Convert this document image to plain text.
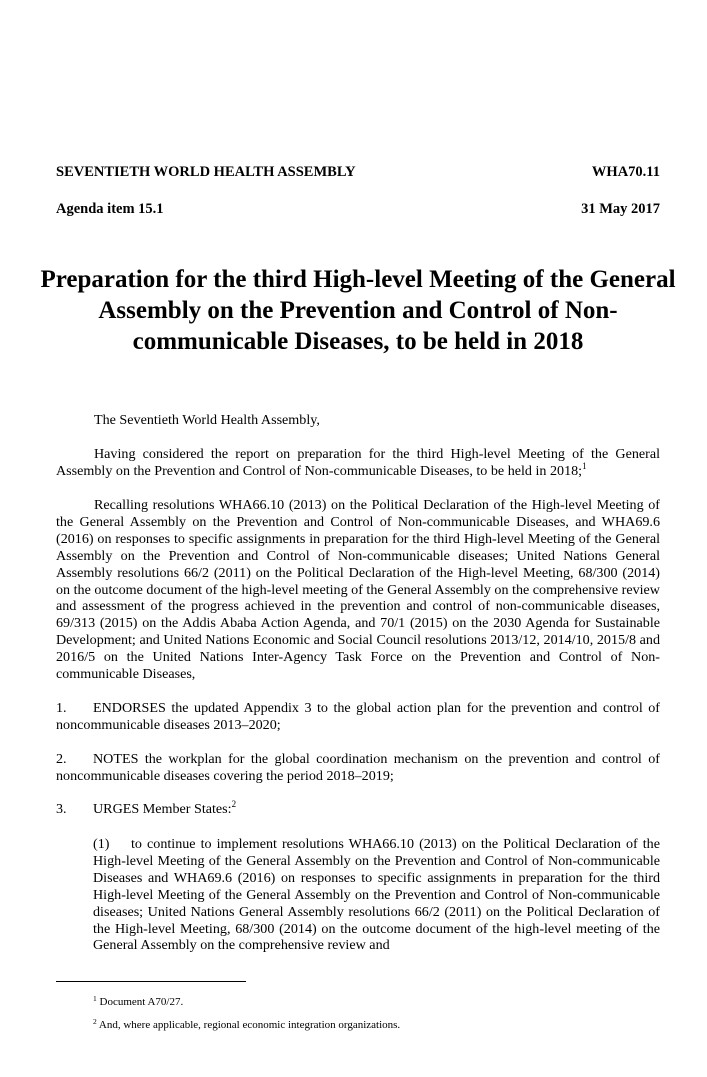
SEVENTIETH WORLD HEALTH ASSEMBLY	WHA70.11
Agenda item 15.1	31 May 2017
Preparation for the third High-level Meeting of the General Assembly on the Prevention and Control of Non-communicable Diseases, to be held in 2018
The Seventieth World Health Assembly,
Having considered the report on preparation for the third High-level Meeting of the General Assembly on the Prevention and Control of Non-communicable Diseases, to be held in 2018;$^1$
Recalling resolutions WHA66.10 (2013) on the Political Declaration of the High-level Meeting of the General Assembly on the Prevention and Control of Non-communicable Diseases, and WHA69.6 (2016) on responses to specific assignments in preparation for the third High-level Meeting of the General Assembly on the Prevention and Control of Non-communicable diseases; United Nations General Assembly resolutions 66/2 (2011) on the Political Declaration of the High-level Meeting, 68/300 (2014) on the outcome document of the high-level meeting of the General Assembly on the comprehensive review and assessment of the progress achieved in the prevention and control of non-communicable diseases, 69/313 (2015) on the Addis Ababa Action Agenda, and 70/1 (2015) on the 2030 Agenda for Sustainable Development; and United Nations Economic and Social Council resolutions 2013/12, 2014/10, 2015/8 and 2016/5 on the United Nations Inter-Agency Task Force on the Prevention and Control of Non-communicable Diseases,
1. ENDORSES the updated Appendix 3 to the global action plan for the prevention and control of noncommunicable diseases 2013–2020;
2. NOTES the workplan for the global coordination mechanism on the prevention and control of noncommunicable diseases covering the period 2018–2019;
3. URGES Member States:$^2$
(1) to continue to implement resolutions WHA66.10 (2013) on the Political Declaration of the High-level Meeting of the General Assembly on the Prevention and Control of Non-communicable Diseases and WHA69.6 (2016) on responses to specific assignments in preparation for the third High-level Meeting of the General Assembly on the Prevention and Control of Non-communicable diseases; United Nations General Assembly resolutions 66/2 (2011) on the Political Declaration of the High-level Meeting, 68/300 (2014) on the outcome document of the high-level meeting of the General Assembly on the comprehensive review and
$^1$ Document A70/27.
$^2$ And, where applicable, regional economic integration organizations.
